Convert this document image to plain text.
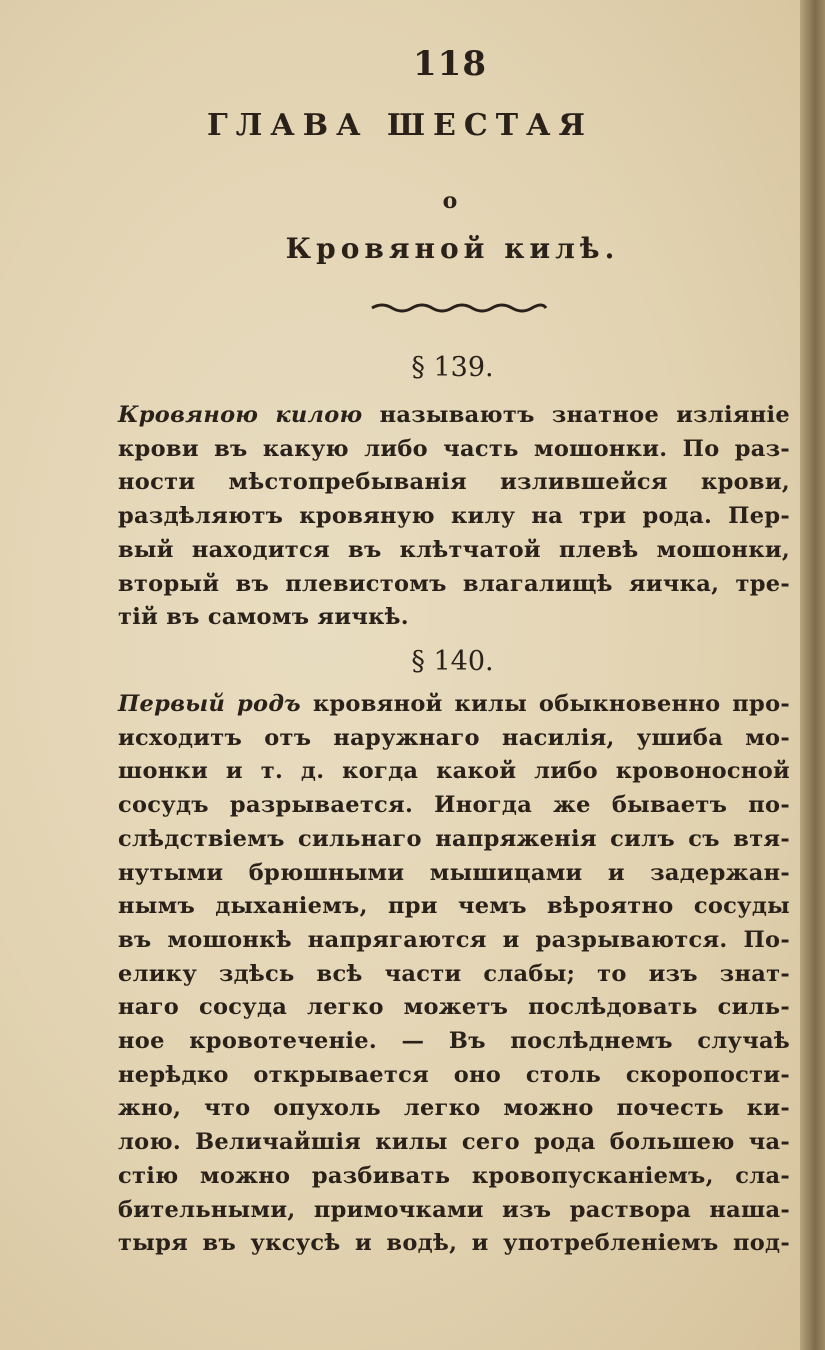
118
ГЛАВА ШЕСТАЯ
о
Кровяной килѣ.
§ 139.
Кровяною килою называютъ знатное изліяніе
крови въ какую либо часть мошонки. По раз-
ности мѣстопребыванія излившейся крови,
раздѣляютъ кровяную килу на три рода. Пер-
вый находится въ клѣтчатой плевѣ мошонки,
вторый въ плевистомъ влагалищѣ яичка, тре-
тій въ самомъ яичкѣ.
§ 140.
Первый родъ кровяной килы обыкновенно про-
исходитъ отъ наружнаго насилія, ушиба мо-
шонки и т. д. когда какой либо кровоносной
сосудъ разрывается. Иногда же бываетъ по-
слѣдствіемъ сильнаго напряженія силъ съ втя-
нутыми брюшными мышицами и задержан-
нымъ дыханіемъ, при чемъ вѣроятно сосуды
въ мошонкѣ напрягаются и разрываются. По-
елику здѣсь всѣ части слабы; то изъ знат-
наго сосуда легко можетъ послѣдовать силь-
ное кровотеченіе. — Въ послѣднемъ случаѣ
нерѣдко открывается оно столь скоропости-
жно, что опухоль легко можно почесть ки-
лою. Величайшія килы сего рода большею ча-
стію можно разбивать кровопусканіемъ, сла-
бительными, примочками изъ раствора наша-
тыря въ уксусѣ и водѣ, и употребленіемъ под-
